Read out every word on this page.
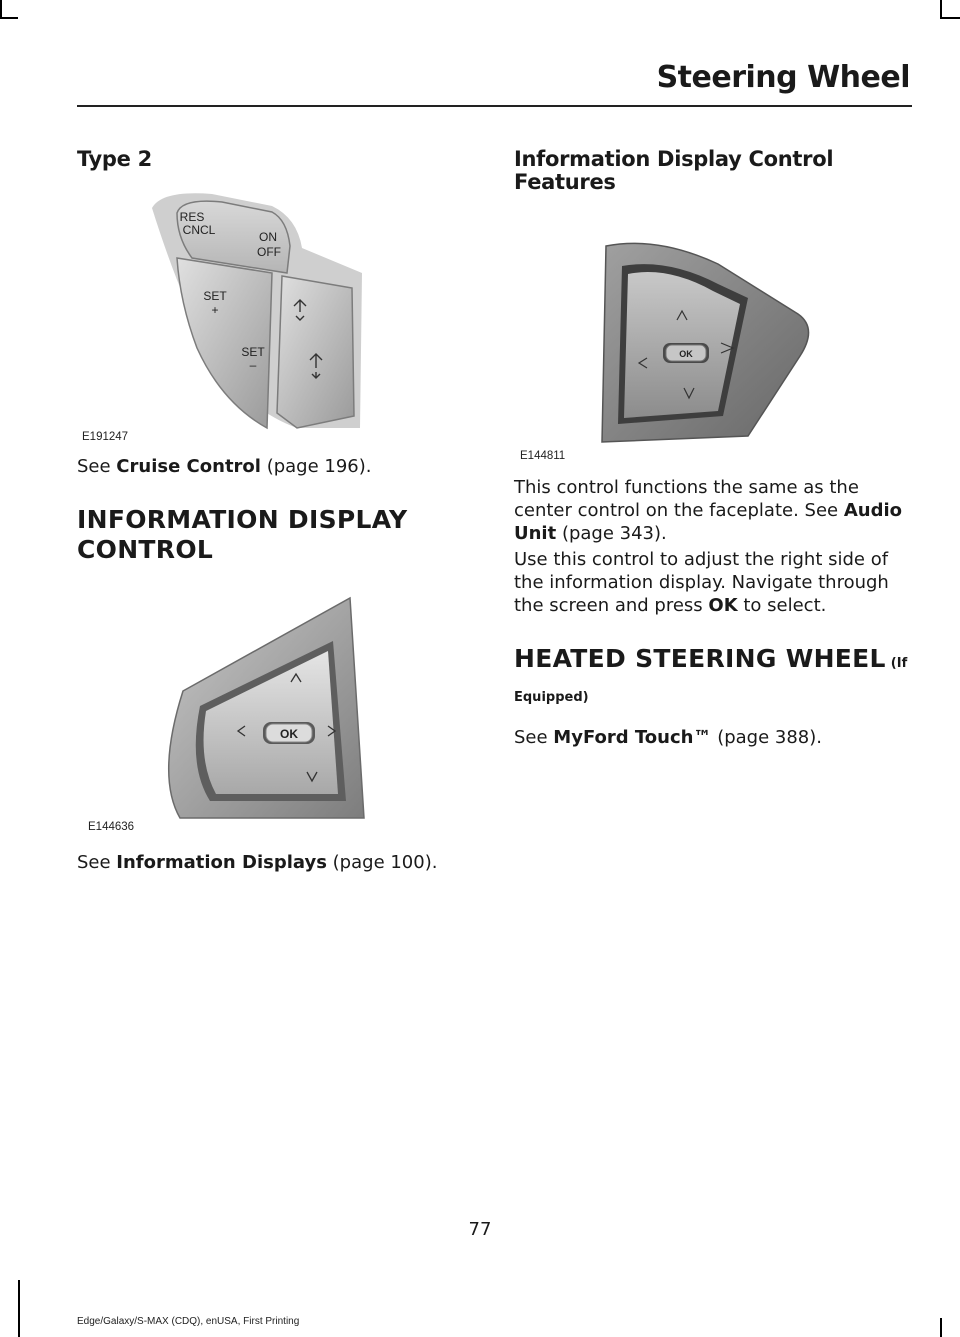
Steering Wheel
Type 2
RES
CNCL	ON
OFF
SET
+
SET
–
E191247
See Cruise Control (page 196).
INFORMATION DISPLAY
CONTROL
OK
E144636
See Information Displays (page 100).
Information Display Control
Features
OK
E144811
This control functions the same as the
center control on the faceplate. See Audio
Unit (page 343).
Use this control to adjust the right side of
the information display. Navigate through
the screen and press OK to select.
HEATED STEERING WHEEL (If
Equipped)
See MyFord Touch™ (page 388).
77
Edge/Galaxy/S-MAX (CDQ), enUSA, First Printing
